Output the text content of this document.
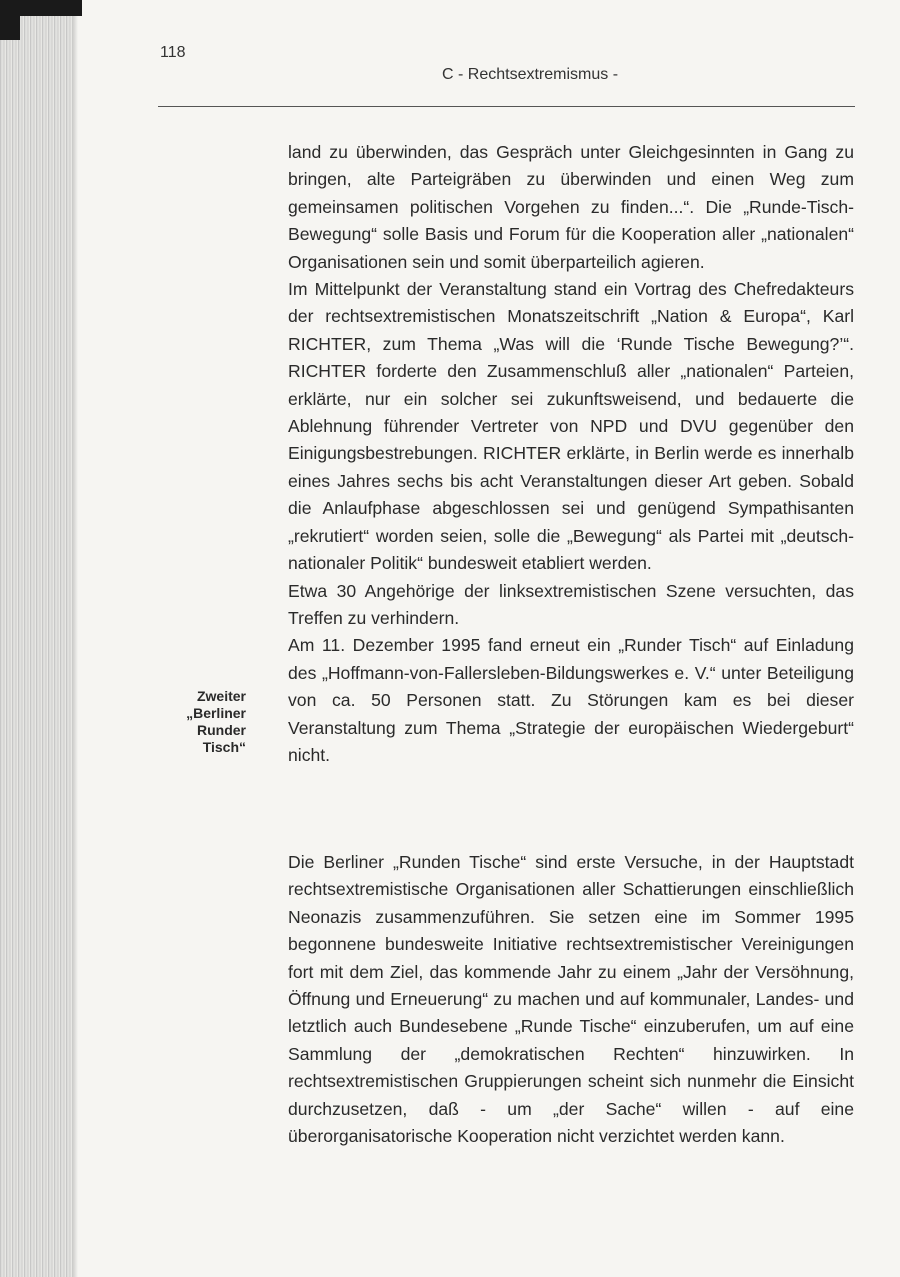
118
C - Rechtsextremismus -

land zu überwinden, das Gespräch unter Gleichgesinnten in Gang zu bringen, alte Parteigräben zu überwinden und einen Weg zum gemeinsamen politischen Vorgehen zu finden...“. Die „Runde-Tisch-Bewegung“ solle Basis und Forum für die Kooperation aller „nationalen“ Organisationen sein und somit überparteilich agieren.

Im Mittelpunkt der Veranstaltung stand ein Vortrag des Chefredakteurs der rechtsextremistischen Monatszeitschrift „Nation & Europa“, Karl RICHTER, zum Thema „Was will die ‘Runde Tische Bewegung?’“. RICHTER forderte den Zusammenschluß aller „nationalen“ Parteien, erklärte, nur ein solcher sei zukunftsweisend, und bedauerte die Ablehnung führender Vertreter von NPD und DVU gegenüber den Einigungsbestrebungen. RICHTER erklärte, in Berlin werde es innerhalb eines Jahres sechs bis acht Veranstaltungen dieser Art geben. Sobald die Anlaufphase abgeschlossen sei und genügend Sympathisanten „rekrutiert“ worden seien, solle die „Bewegung“ als Partei mit „deutsch-nationaler Politik“ bundesweit etabliert werden.

Etwa 30 Angehörige der linksextremistischen Szene versuchten, das Treffen zu verhindern.

Am 11. Dezember 1995 fand erneut ein „Runder Tisch“ auf Einladung des „Hoffmann-von-Fallersleben-Bildungswerkes e. V.“ unter Beteiligung von ca. 50 Personen statt. Zu Störungen kam es bei dieser Veranstaltung zum Thema „Strategie der europäischen Wiedergeburt“ nicht.

Zweiter
„Berliner
Runder
Tisch“

Die Berliner „Runden Tische“ sind erste Versuche, in der Hauptstadt rechtsextremistische Organisationen aller Schattierungen einschließlich Neonazis zusammenzuführen. Sie setzen eine im Sommer 1995 begonnene bundesweite Initiative rechtsextremistischer Vereinigungen fort mit dem Ziel, das kommende Jahr zu einem „Jahr der Versöhnung, Öffnung und Erneuerung“ zu machen und auf kommunaler, Landes- und letztlich auch Bundesebene „Runde Tische“ einzuberufen, um auf eine Sammlung der „demokratischen Rechten“ hinzuwirken. In rechtsextremistischen Gruppierungen scheint sich nunmehr die Einsicht durchzusetzen, daß - um „der Sache“ willen - auf eine überorganisatorische Kooperation nicht verzichtet werden kann.
